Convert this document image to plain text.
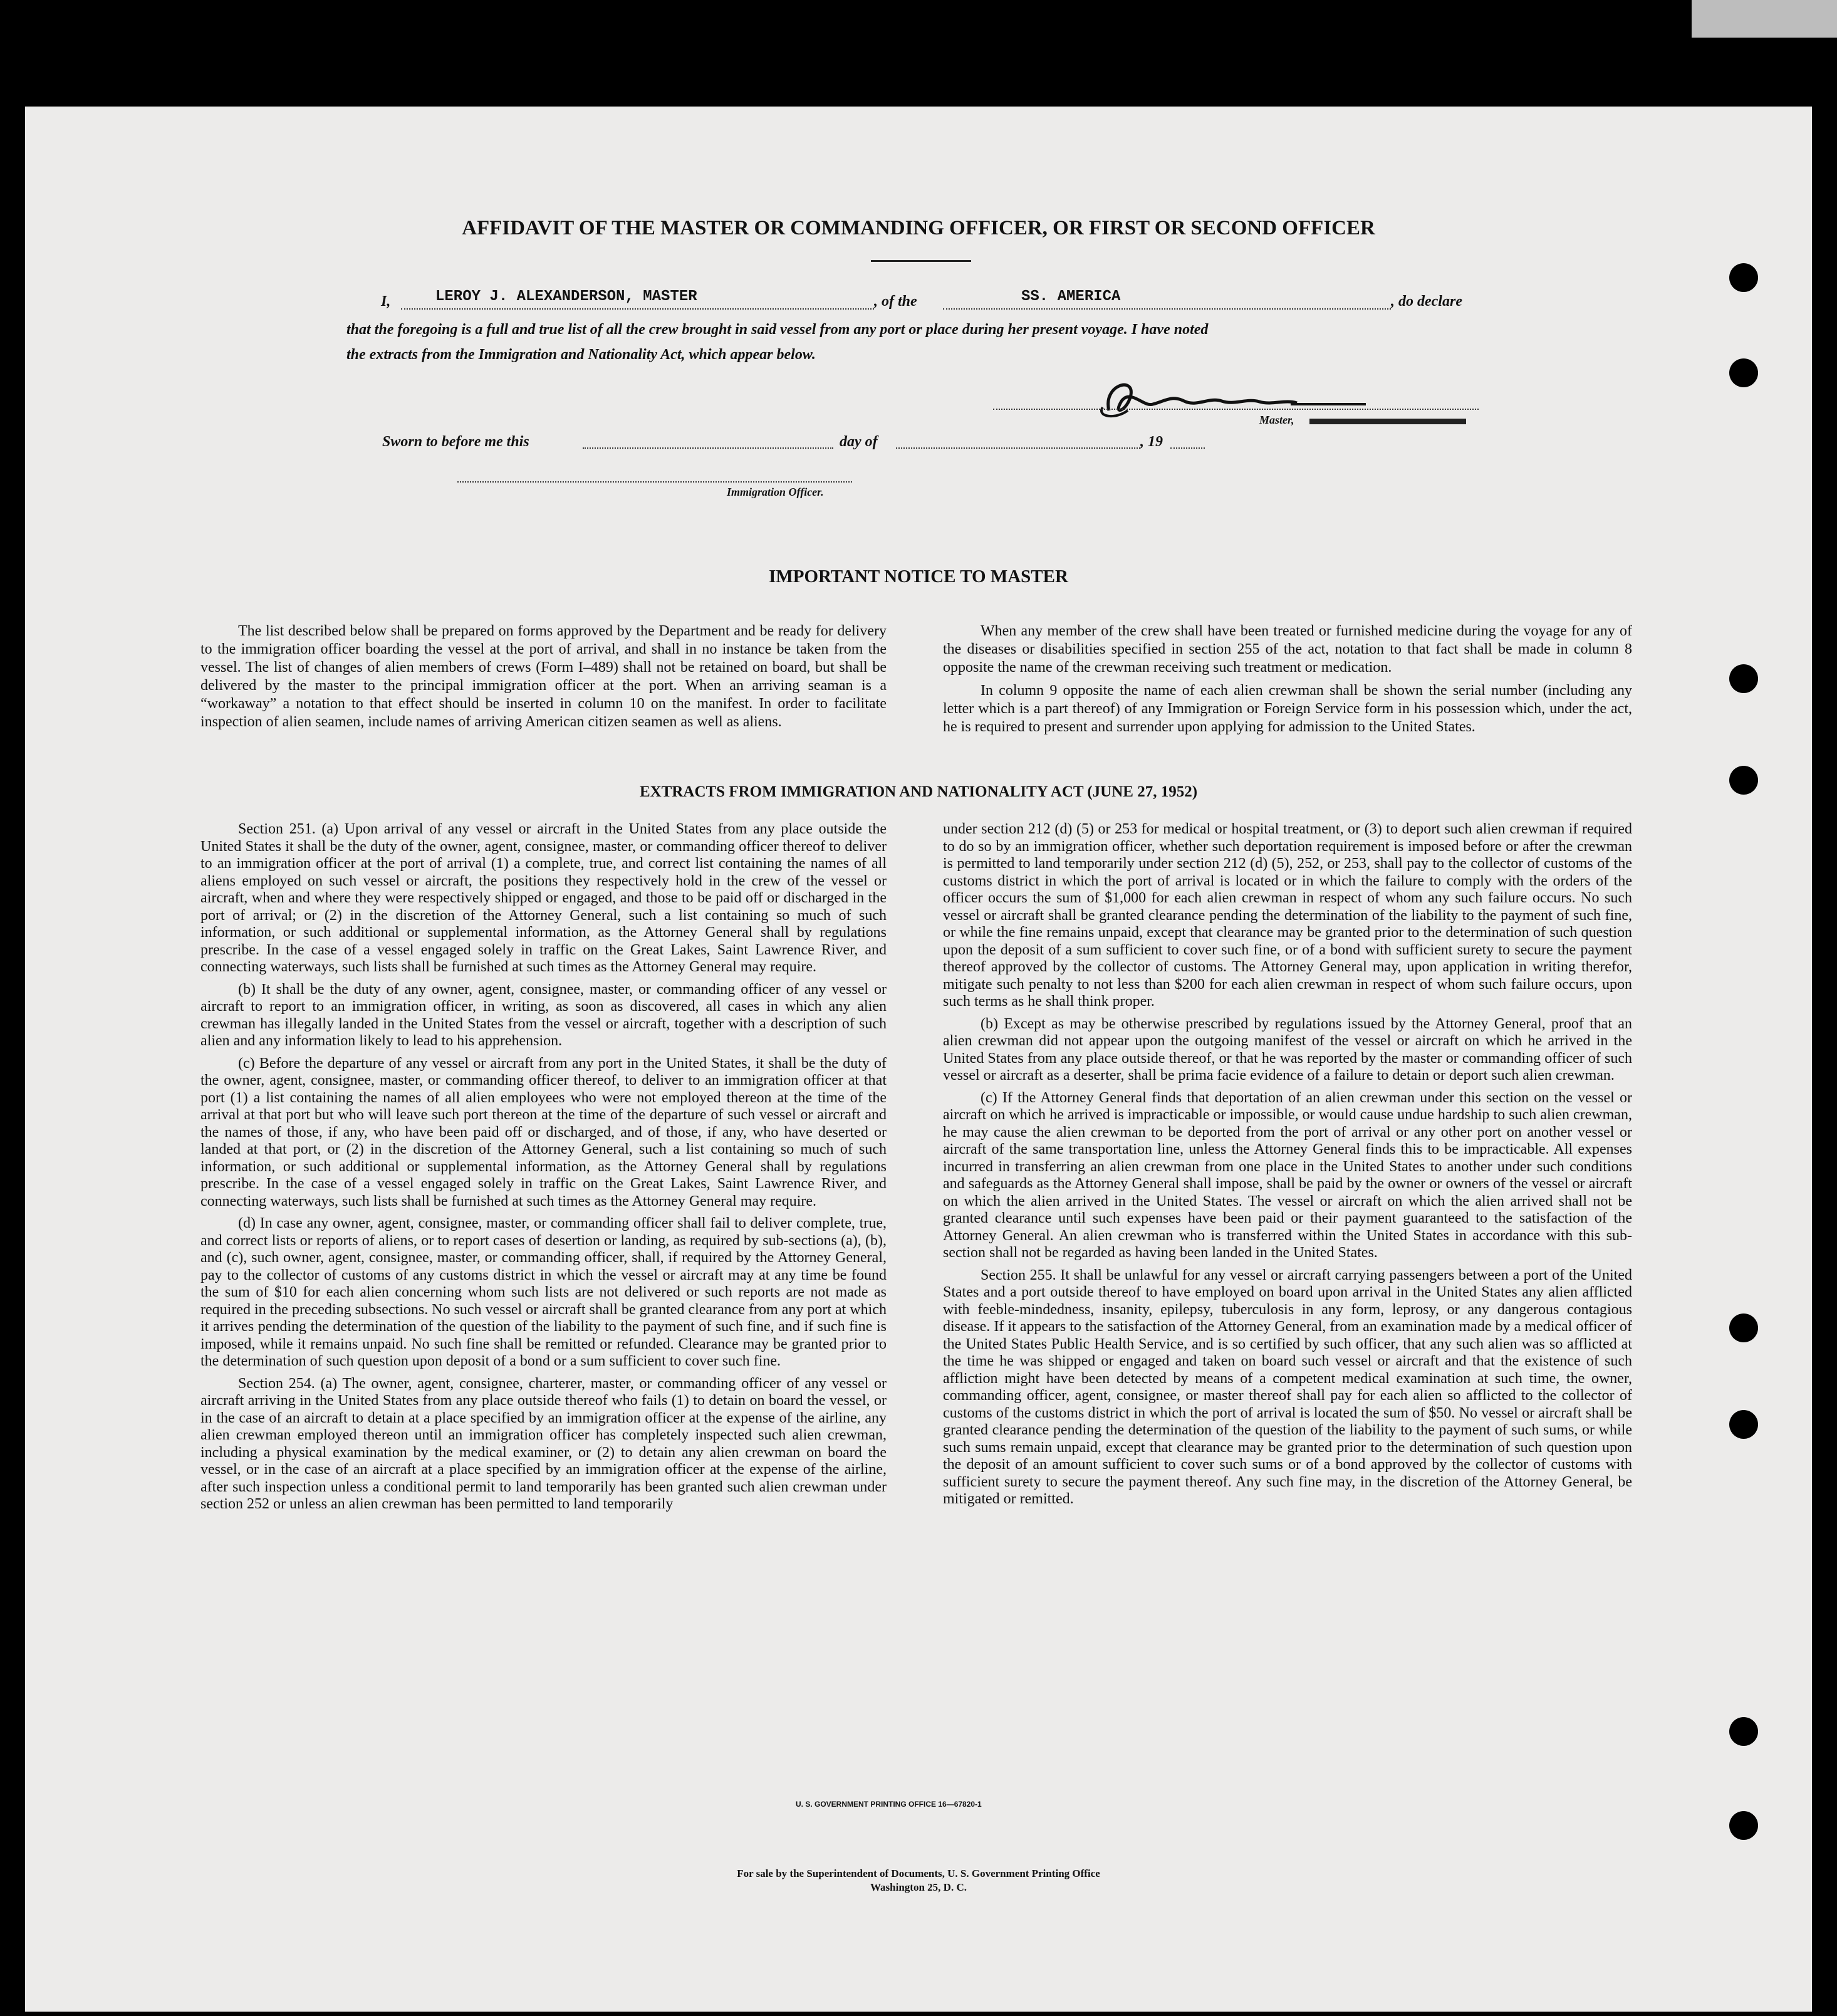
AFFIDAVIT OF THE MASTER OR COMMANDING OFFICER, OR FIRST OR SECOND OFFICER
I,	LEROY J. ALEXANDERSON, MASTER	, of the	SS. AMERICA	, do declare
that the foregoing is a full and true list of all the crew brought in said vessel from any port or place during her present voyage. I have noted
the extracts from the Immigration and Nationality Act, which appear below.
Master,
Sworn to before me this	day of	, 19
Immigration Officer.
IMPORTANT NOTICE TO MASTER

The list described below shall be prepared on forms approved by the Department and be ready for delivery to the immigration officer boarding the vessel at the port of arrival, and shall in no instance be taken from the vessel. The list of changes of alien members of crews (Form I–489) shall not be retained on board, but shall be delivered by the master to the principal immigration officer at the port. When an arriving seaman is a “workaway” a notation to that effect should be inserted in column 10 on the manifest. In order to facilitate inspection of alien seamen, include names of arriving American citizen seamen as well as aliens.

When any member of the crew shall have been treated or furnished medicine during the voyage for any of the diseases or disabilities specified in section 255 of the act, notation to that fact shall be made in column 8 opposite the name of the crewman receiving such treatment or medication.

In column 9 opposite the name of each alien crewman shall be shown the serial number (including any letter which is a part thereof) of any Immigration or Foreign Service form in his possession which, under the act, he is required to present and surrender upon applying for admission to the United States.

EXTRACTS FROM IMMIGRATION AND NATIONALITY ACT (JUNE 27, 1952)

Section 251. (a) Upon arrival of any vessel or aircraft in the United States from any place outside the United States it shall be the duty of the owner, agent, consignee, master, or commanding officer thereof to deliver to an immigration officer at the port of arrival (1) a complete, true, and correct list containing the names of all aliens employed on such vessel or aircraft, the positions they respectively hold in the crew of the vessel or aircraft, when and where they were respectively shipped or engaged, and those to be paid off or discharged in the port of arrival; or (2) in the discretion of the Attorney General, such a list containing so much of such information, or such additional or supplemental information, as the Attorney General shall by regulations prescribe. In the case of a vessel engaged solely in traffic on the Great Lakes, Saint Lawrence River, and connecting waterways, such lists shall be furnished at such times as the Attorney General may require.

(b) It shall be the duty of any owner, agent, consignee, master, or commanding officer of any vessel or aircraft to report to an immigration officer, in writing, as soon as discovered, all cases in which any alien crewman has illegally landed in the United States from the vessel or aircraft, together with a description of such alien and any information likely to lead to his apprehension.

(c) Before the departure of any vessel or aircraft from any port in the United States, it shall be the duty of the owner, agent, consignee, master, or commanding officer thereof, to deliver to an immigration officer at that port (1) a list containing the names of all alien employees who were not employed thereon at the time of the arrival at that port but who will leave such port thereon at the time of the departure of such vessel or aircraft and the names of those, if any, who have been paid off or discharged, and of those, if any, who have deserted or landed at that port, or (2) in the discretion of the Attorney General, such a list containing so much of such information, or such additional or supplemental information, as the Attorney General shall by regulations prescribe. In the case of a vessel engaged solely in traffic on the Great Lakes, Saint Lawrence River, and connecting waterways, such lists shall be furnished at such times as the Attorney General may require.

(d) In case any owner, agent, consignee, master, or commanding officer shall fail to deliver complete, true, and correct lists or reports of aliens, or to report cases of desertion or landing, as required by sub-sections (a), (b), and (c), such owner, agent, consignee, master, or commanding officer, shall, if required by the Attorney General, pay to the collector of customs of any customs district in which the vessel or aircraft may at any time be found the sum of $10 for each alien concerning whom such lists are not delivered or such reports are not made as required in the preceding subsections. No such vessel or aircraft shall be granted clearance from any port at which it arrives pending the determination of the question of the liability to the payment of such fine, and if such fine is imposed, while it remains unpaid. No such fine shall be remitted or refunded. Clearance may be granted prior to the determination of such question upon deposit of a bond or a sum sufficient to cover such fine.

Section 254. (a) The owner, agent, consignee, charterer, master, or commanding officer of any vessel or aircraft arriving in the United States from any place outside thereof who fails (1) to detain on board the vessel, or in the case of an aircraft to detain at a place specified by an immigration officer at the expense of the airline, any alien crewman employed thereon until an immigration officer has completely inspected such alien crewman, including a physical examination by the medical examiner, or (2) to detain any alien crewman on board the vessel, or in the case of an aircraft at a place specified by an immigration officer at the expense of the airline, after such inspection unless a conditional permit to land temporarily has been granted such alien crewman under section 252 or unless an alien crewman has been permitted to land temporarily

under section 212 (d) (5) or 253 for medical or hospital treatment, or (3) to deport such alien crewman if required to do so by an immigration officer, whether such deportation requirement is imposed before or after the crewman is permitted to land temporarily under section 212 (d) (5), 252, or 253, shall pay to the collector of customs of the customs district in which the port of arrival is located or in which the failure to comply with the orders of the officer occurs the sum of $1,000 for each alien crewman in respect of whom any such failure occurs. No such vessel or aircraft shall be granted clearance pending the determination of the liability to the payment of such fine, or while the fine remains unpaid, except that clearance may be granted prior to the determination of such question upon the deposit of a sum sufficient to cover such fine, or of a bond with sufficient surety to secure the payment thereof approved by the collector of customs. The Attorney General may, upon application in writing therefor, mitigate such penalty to not less than $200 for each alien crewman in respect of whom such failure occurs, upon such terms as he shall think proper.

(b) Except as may be otherwise prescribed by regulations issued by the Attorney General, proof that an alien crewman did not appear upon the outgoing manifest of the vessel or aircraft on which he arrived in the United States from any place outside thereof, or that he was reported by the master or commanding officer of such vessel or aircraft as a deserter, shall be prima facie evidence of a failure to detain or deport such alien crewman.

(c) If the Attorney General finds that deportation of an alien crewman under this section on the vessel or aircraft on which he arrived is impracticable or impossible, or would cause undue hardship to such alien crewman, he may cause the alien crewman to be deported from the port of arrival or any other port on another vessel or aircraft of the same transportation line, unless the Attorney General finds this to be impracticable. All expenses incurred in transferring an alien crewman from one place in the United States to another under such conditions and safeguards as the Attorney General shall impose, shall be paid by the owner or owners of the vessel or aircraft on which the alien arrived in the United States. The vessel or aircraft on which the alien arrived shall not be granted clearance until such expenses have been paid or their payment guaranteed to the satisfaction of the Attorney General. An alien crewman who is transferred within the United States in accordance with this sub-section shall not be regarded as having been landed in the United States.

Section 255. It shall be unlawful for any vessel or aircraft carrying passengers between a port of the United States and a port outside thereof to have employed on board upon arrival in the United States any alien afflicted with feeble-mindedness, insanity, epilepsy, tuberculosis in any form, leprosy, or any dangerous contagious disease. If it appears to the satisfaction of the Attorney General, from an examination made by a medical officer of the United States Public Health Service, and is so certified by such officer, that any such alien was so afflicted at the time he was shipped or engaged and taken on board such vessel or aircraft and that the existence of such affliction might have been detected by means of a competent medical examination at such time, the owner, commanding officer, agent, consignee, or master thereof shall pay for each alien so afflicted to the collector of customs of the customs district in which the port of arrival is located the sum of $50. No vessel or aircraft shall be granted clearance pending the determination of the question of the liability to the payment of such sums, or while such sums remain unpaid, except that clearance may be granted prior to the determination of such question upon the deposit of an amount sufficient to cover such sums or of a bond approved by the collector of customs with sufficient surety to secure the payment thereof. Any such fine may, in the discretion of the Attorney General, be mitigated or remitted.

U. S. GOVERNMENT PRINTING OFFICE 16—67820-1
For sale by the Superintendent of Documents, U. S. Government Printing Office
Washington 25, D. C.
